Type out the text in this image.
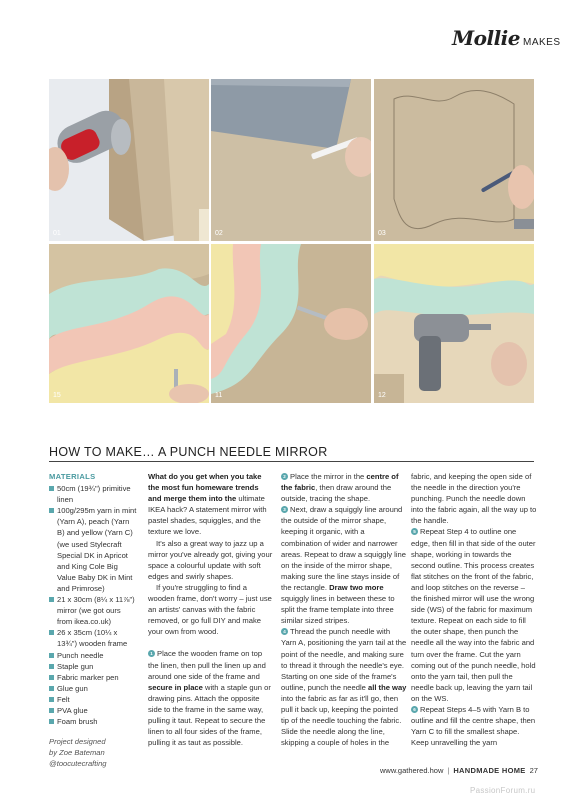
Mollie MAKES
01	02	03
15	11	12
HOW TO MAKE… A PUNCH NEEDLE MIRROR
MATERIALS
50cm (19¾") primitive linen
100g/295m yarn in mint (Yarn A), peach (Yarn B) and yellow (Yarn C) (we used Stylecraft Special DK in Apricot and King Cole Big Value Baby DK in Mint and Primrose)
21 x 30cm (8¼ x 11⅞") mirror (we got ours from ikea.co.uk)
26 x 35cm (10¼ x 13¾") wooden frame
Punch needle
Staple gun
Fabric marker pen
Glue gun
Felt
PVA glue
Foam brush
Project designed
by Zoe Bateman
@toocutecrafting

What do you get when you take the most fun homeware trends and merge them into the ultimate IKEA hack? A statement mirror with pastel shades, squiggles, and the texture we love.

It's also a great way to jazz up a mirror you've already got, giving your space a colourful update with soft edges and swirly shapes.

If you're struggling to find a wooden frame, don't worry – just use an artists' canvas with the fabric removed, or go full DIY and make your own from wood.

1 Place the wooden frame on top the linen, then pull the linen up and around one side of the frame and secure in place with a staple gun or drawing pins. Attach the opposite side to the frame in the same way, pulling it taut. Repeat to secure the linen to all four sides of the frame, pulling it as taut as possible.

2 Place the mirror in the centre of the fabric, then draw around the outside, tracing the shape.

3 Next, draw a squiggly line around the outside of the mirror shape, keeping it organic, with a combination of wider and narrower areas. Repeat to draw a squiggly line on the inside of the mirror shape, making sure the line stays inside of the rectangle. Draw two more squiggly lines in between these to split the frame template into three similar sized stripes.

4 Thread the punch needle with Yarn A, positioning the yarn tail at the point of the needle, and making sure to thread it through the needle's eye. Starting on one side of the frame's outline, punch the needle all the way into the fabric as far as it'll go, then pull it back up, keeping the pointed tip of the needle touching the fabric. Slide the needle along the line, skipping a couple of holes in the

fabric, and keeping the open side of the needle in the direction you're punching. Punch the needle down into the fabric again, all the way up to the handle.

5 Repeat Step 4 to outline one edge, then fill in that side of the outer shape, working in towards the second outline. This process creates flat stitches on the front of the fabric, and loop stitches on the reverse – the finished mirror will use the wrong side (WS) of the fabric for maximum texture. Repeat on each side to fill the outer shape, then punch the needle all the way into the fabric and turn over the frame. Cut the yarn coming out of the punch needle, hold onto the yarn tail, then pull the needle back up, leaving the yarn tail on the WS.

6 Repeat Steps 4–5 with Yarn B to outline and fill the centre shape, then Yarn C to fill the smallest shape. Keep unravelling the yarn

www.gathered.how | HANDMADE HOME 27
PassionForum.ru
